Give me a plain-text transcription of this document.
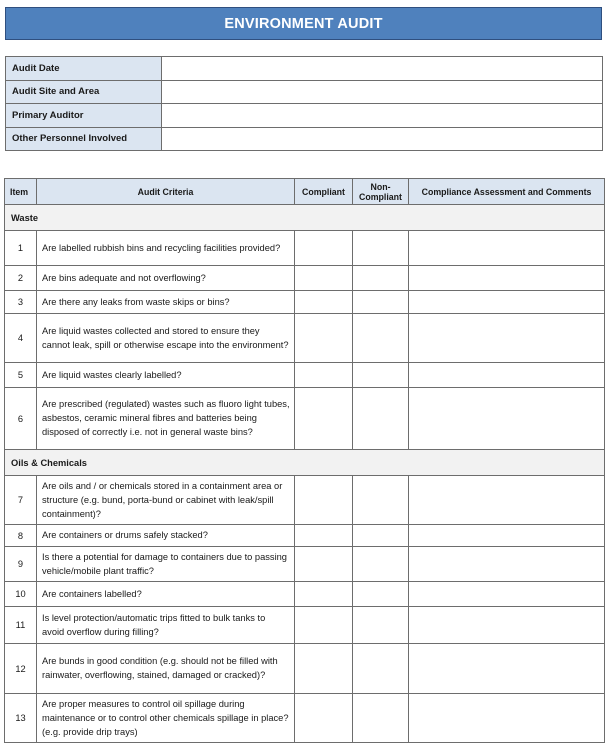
ENVIRONMENT AUDIT
Audit Date	
Audit Site and Area	
Primary Auditor	
Other Personnel Involved	
Item	Audit Criteria	Compliant	Non-Compliant	Compliance Assessment and Comments
Waste				
1	Are labelled rubbish bins and recycling facilities provided?			
2	Are bins adequate and not overflowing?			
3	Are there any leaks from waste skips or bins?			
4	Are liquid wastes collected and stored to ensure they cannot leak, spill or otherwise escape into the environment?			
5	Are liquid wastes clearly labelled?			
6	Are prescribed (regulated) wastes such as fluoro light tubes, asbestos, ceramic mineral fibres and batteries being disposed of correctly i.e. not in general waste bins?			
Oils & Chemicals				
7	Are oils and / or chemicals stored in a containment area or structure (e.g. bund, porta-bund or cabinet with leak/spill containment)?			
8	Are containers or drums safely stacked?			
9	Is there a potential for damage to containers due to passing vehicle/mobile plant traffic?			
10	Are containers labelled?			
11	Is level protection/automatic trips fitted to bulk tanks to avoid overflow during filling?			
12	Are bunds in good condition (e.g. should not be filled with rainwater, overflowing, stained, damaged or cracked)?			
13	Are proper measures to control oil spillage during maintenance or to control other chemicals spillage in place? (e.g. provide drip trays)			
